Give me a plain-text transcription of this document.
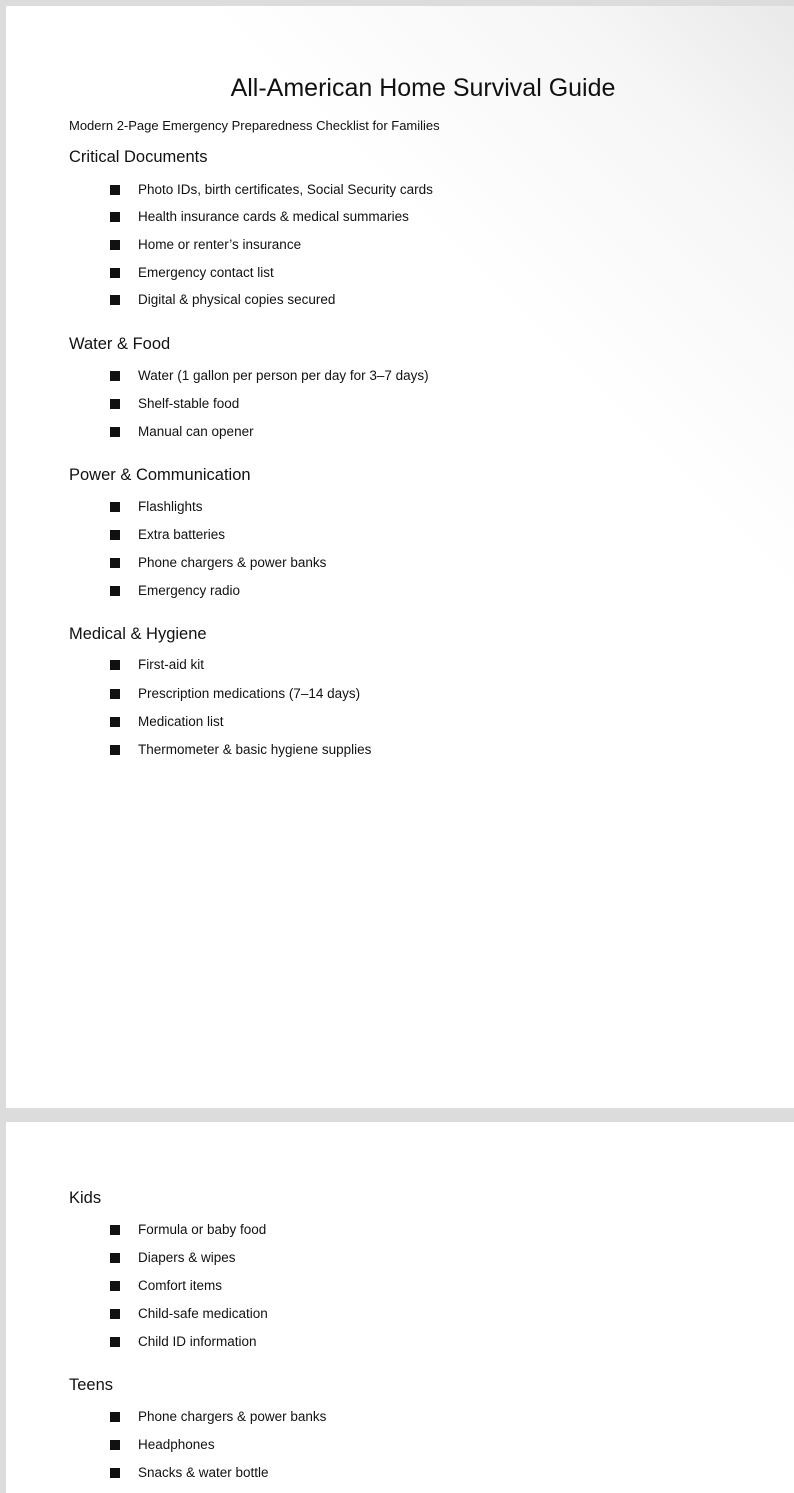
All-American Home Survival Guide

Modern 2-Page Emergency Preparedness Checklist for Families

Critical Documents

Photo IDs, birth certificates, Social Security cards

Health insurance cards & medical summaries

Home or renter’s insurance

Emergency contact list

Digital & physical copies secured

Water & Food

Water (1 gallon per person per day for 3–7 days)

Shelf-stable food

Manual can opener

Power & Communication

Flashlights

Extra batteries

Phone chargers & power banks

Emergency radio

Medical & Hygiene

First-aid kit

Prescription medications (7–14 days)

Medication list

Thermometer & basic hygiene supplies

Kids

Formula or baby food

Diapers & wipes

Comfort items

Child-safe medication

Child ID information

Teens

Phone chargers & power banks

Headphones

Snacks & water bottle
